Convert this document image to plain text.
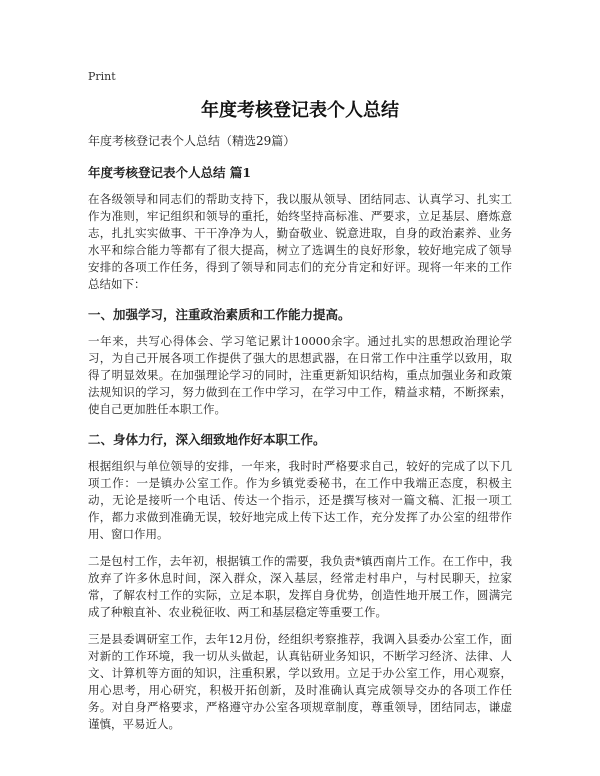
Print
年度考核登记表个人总结

年度考核登记表个人总结（精选29篇）

年度考核登记表个人总结 篇1

在各级领导和同志们的帮助支持下，我以服从领导、团结同志、认真学习、扎实工作为准则，牢记组织和领导的重托，始终坚持高标准、严要求，立足基层、磨炼意志，扎扎实实做事、干干净净为人，勤奋敬业、锐意进取，自身的政治素养、业务水平和综合能力等都有了很大提高，树立了选调生的良好形象，较好地完成了领导安排的各项工作任务，得到了领导和同志们的充分肯定和好评。现将一年来的工作总结如下：

一、加强学习，注重政治素质和工作能力提高。

一年来，共写心得体会、学习笔记累计10000余字。通过扎实的思想政治理论学习，为自己开展各项工作提供了强大的思想武器，在日常工作中注重学以致用，取得了明显效果。在加强理论学习的同时，注重更新知识结构，重点加强业务和政策法规知识的学习，努力做到在工作中学习，在学习中工作，精益求精，不断探索，使自己更加胜任本职工作。

二、身体力行，深入细致地作好本职工作。

根据组织与单位领导的安排，一年来，我时时严格要求自己，较好的完成了以下几项工作：一是镇办公室工作。作为乡镇党委秘书，在工作中我端正态度，积极主动，无论是接听一个电话、传达一个指示，还是撰写核对一篇文稿、汇报一项工作，都力求做到准确无误，较好地完成上传下达工作，充分发挥了办公室的纽带作用、窗口作用。

二是包村工作，去年初，根据镇工作的需要，我负责*镇西南片工作。在工作中，我放弃了许多休息时间，深入群众，深入基层，经常走村串户，与村民聊天，拉家常，了解农村工作的实际，立足本职，发挥自身优势，创造性地开展工作，圆满完成了种粮直补、农业税征收、两工和基层稳定等重要工作。

三是县委调研室工作，去年12月份，经组织考察推荐，我调入县委办公室工作，面对新的工作环境，我一切从头做起，认真钻研业务知识，不断学习经济、法律、人文、计算机等方面的知识，注重积累，学以致用。立足于办公室工作，用心观察，用心思考，用心研究，积极开拓创新，及时准确认真完成领导交办的各项工作任务。对自身严格要求，严格遵守办公室各项规章制度，尊重领导，团结同志，谦虚谨慎，平易近人。
